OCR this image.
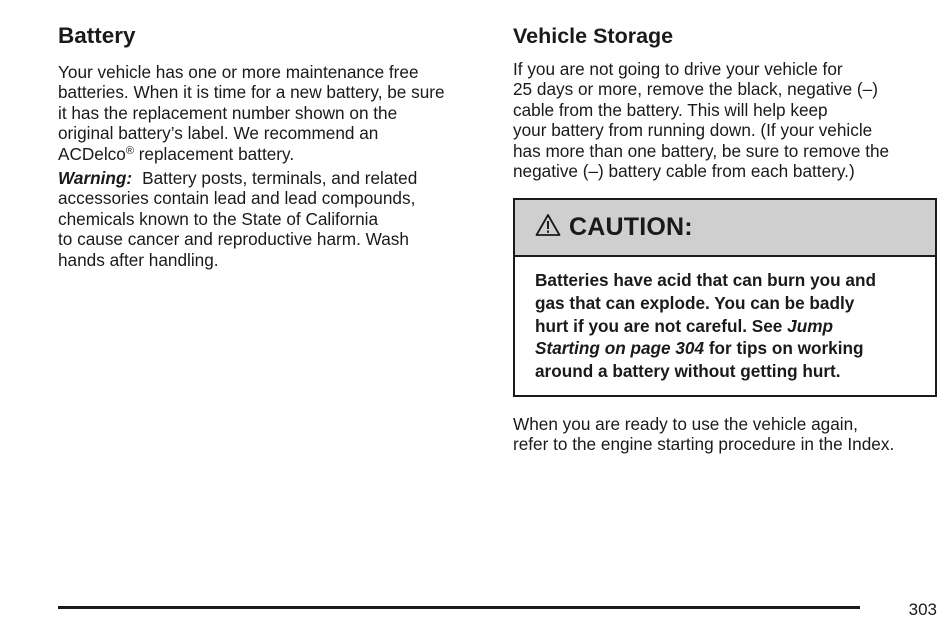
Battery

Your vehicle has one or more maintenance free
batteries. When it is time for a new battery, be sure
it has the replacement number shown on the
original battery’s label. We recommend an
ACDelco® replacement battery.

Warning: Battery posts, terminals, and related
accessories contain lead and lead compounds,
chemicals known to the State of California
to cause cancer and reproductive harm. Wash
hands after handling.

Vehicle Storage

If you are not going to drive your vehicle for
25 days or more, remove the black, negative (–)
cable from the battery. This will help keep
your battery from running down. (If your vehicle
has more than one battery, be sure to remove the
negative (–) battery cable from each battery.)

CAUTION:
Batteries have acid that can burn you and
gas that can explode. You can be badly
hurt if you are not careful. See Jump
Starting on page 304 for tips on working
around a battery without getting hurt.

When you are ready to use the vehicle again,
refer to the engine starting procedure in the Index.

303
